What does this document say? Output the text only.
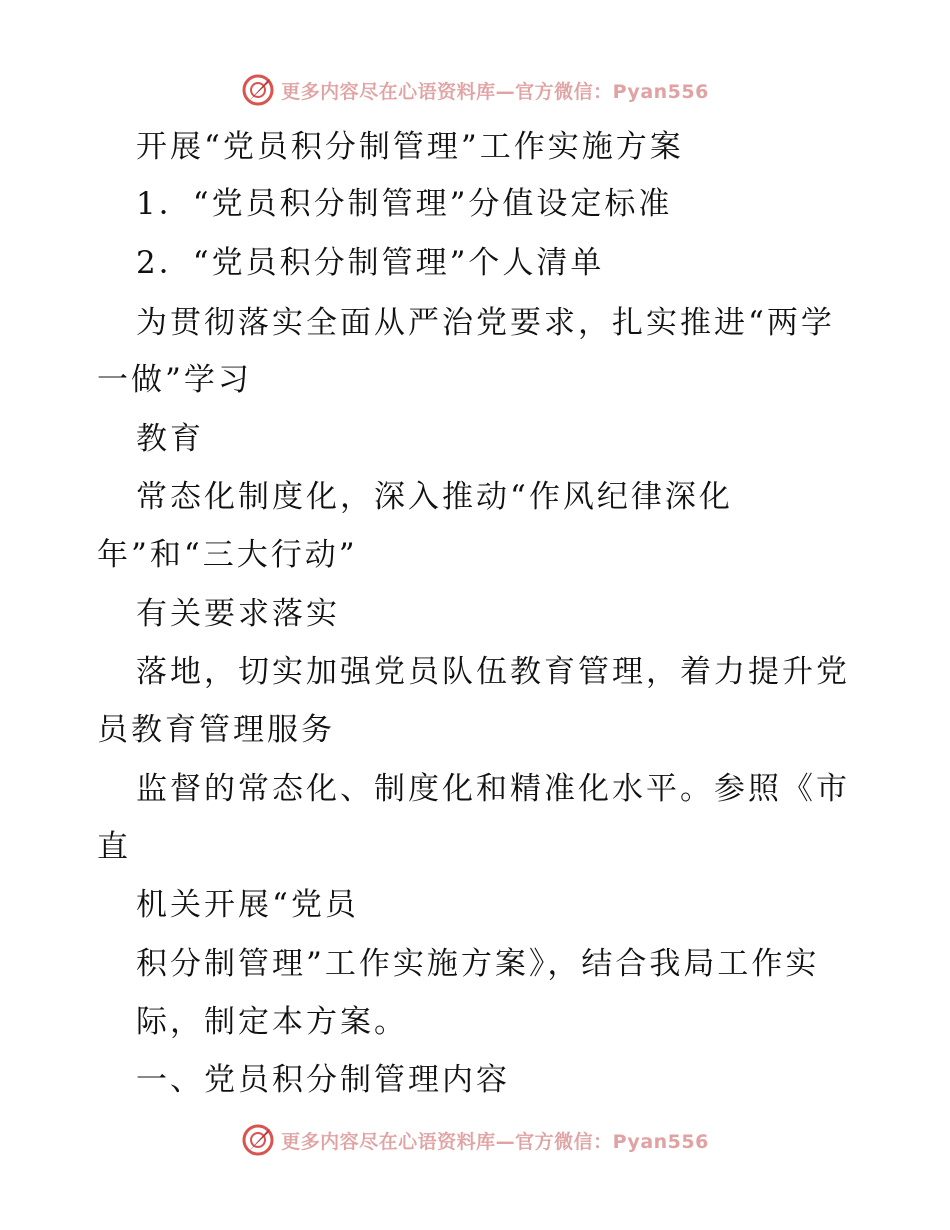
更多内容尽在心语资料库—官方微信：Pyan556
开展“党员积分制管理”工作实施方案
1．“党员积分制管理”分值设定标准
2．“党员积分制管理”个人清单
为贯彻落实全面从严治党要求，扎实推进“两学
一做”学习
教育
常态化制度化，深入推动“作风纪律深化
年”和“三大行动”
有关要求落实
落地，切实加强党员队伍教育管理，着力提升党
员教育管理服务
监督的常态化、制度化和精准化水平。参照《市
直
机关开展“党员
积分制管理”工作实施方案》，结合我局工作实
际，制定本方案。
一、党员积分制管理内容
更多内容尽在心语资料库—官方微信：Pyan556
